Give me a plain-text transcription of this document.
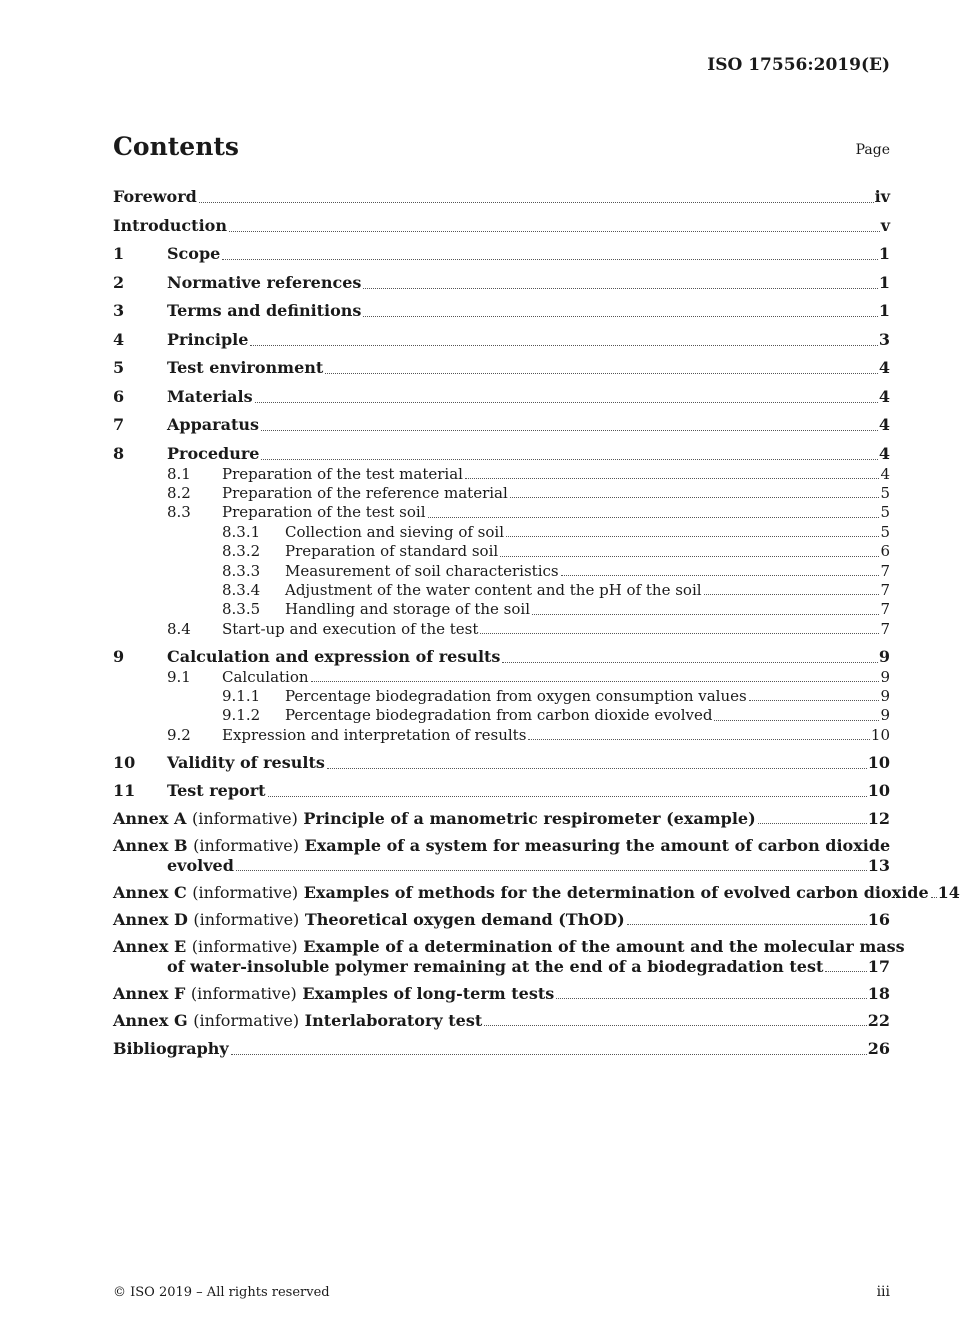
ISO 17556:2019(E)
Contents	Page
Foreword	iv
Introduction	v
1	Scope	1
2	Normative references	1
3	Terms and definitions	1
4	Principle	3
5	Test environment	4
6	Materials	4
7	Apparatus	4
8	Procedure	4
8.1	Preparation of the test material	4
8.2	Preparation of the reference material	5
8.3	Preparation of the test soil	5
8.3.1	Collection and sieving of soil	5
8.3.2	Preparation of standard soil	6
8.3.3	Measurement of soil characteristics	7
8.3.4	Adjustment of the water content and the pH of the soil	7
8.3.5	Handling and storage of the soil	7
8.4	Start-up and execution of the test	7
9	Calculation and expression of results	9
9.1	Calculation	9
9.1.1	Percentage biodegradation from oxygen consumption values	9
9.1.2	Percentage biodegradation from carbon dioxide evolved	9
9.2	Expression and interpretation of results	10
10	Validity of results	10
11	Test report	10
Annex A (informative) Principle of a manometric respirometer (example)	12
Annex B (informative) Example of a system for measuring the amount of carbon dioxide
evolved	13
Annex C (informative) Examples of methods for the determination of evolved carbon dioxide 14
Annex D (informative) Theoretical oxygen demand (ThOD)	16
Annex E (informative) Example of a determination of the amount and the molecular mass
of water-insoluble polymer remaining at the end of a biodegradation test	17
Annex F (informative) Examples of long-term tests	18
Annex G (informative) Interlaboratory test	22
Bibliography	26
© ISO 2019 – All rights reserved	iii
